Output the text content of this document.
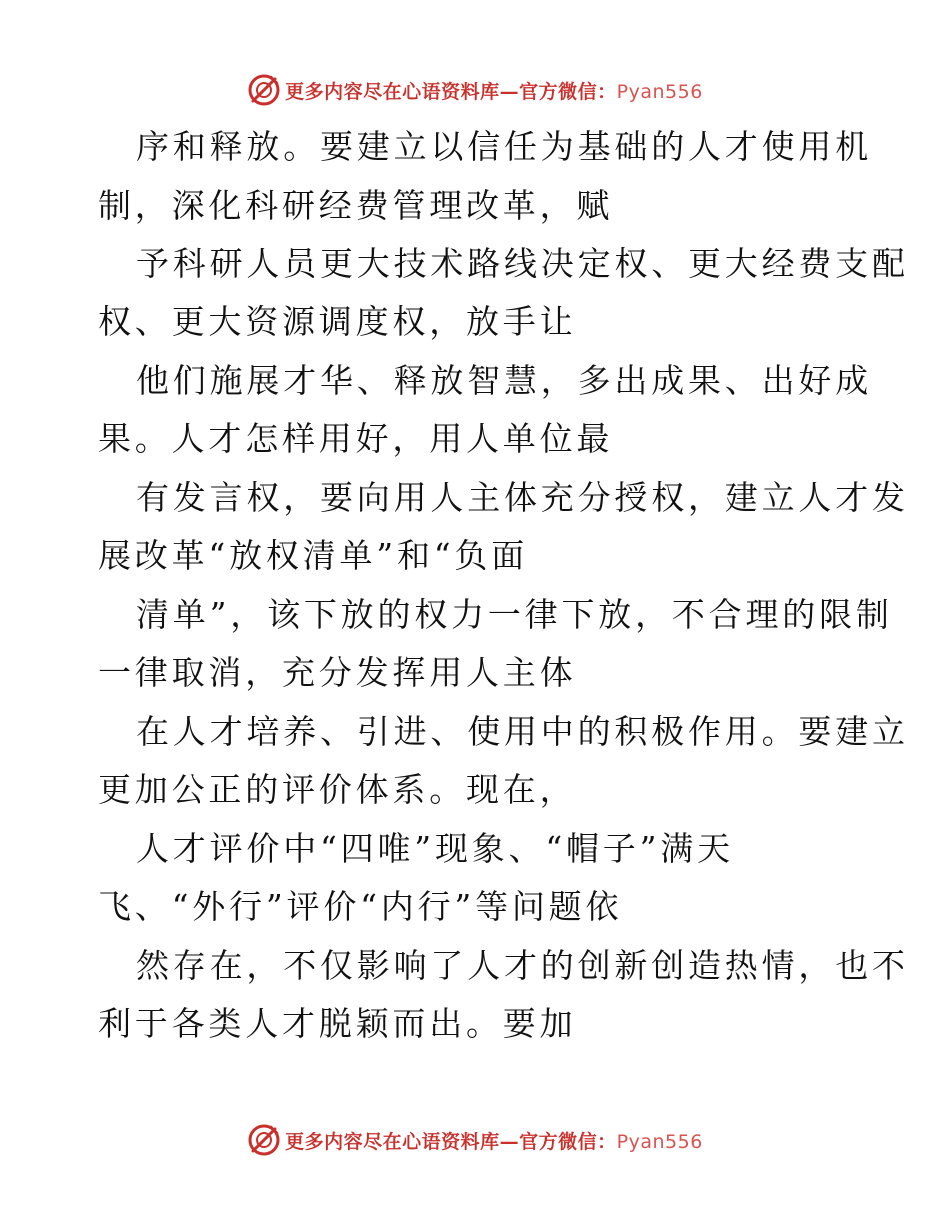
更多内容尽在心语资料库—官方微信：Pyan556
序和释放。要建立以信任为基础的人才使用机
制，深化科研经费管理改革，赋
予科研人员更大技术路线决定权、更大经费支配
权、更大资源调度权，放手让
他们施展才华、释放智慧，多出成果、出好成
果。人才怎样用好，用人单位最
有发言权，要向用人主体充分授权，建立人才发
展改革“放权清单”和“负面
清单”，该下放的权力一律下放，不合理的限制
一律取消，充分发挥用人主体
在人才培养、引进、使用中的积极作用。要建立
更加公正的评价体系。现在，
人才评价中“四唯”现象、“帽子”满天
飞、“外行”评价“内行”等问题依
然存在，不仅影响了人才的创新创造热情，也不
利于各类人才脱颖而出。要加
更多内容尽在心语资料库—官方微信：Pyan556
